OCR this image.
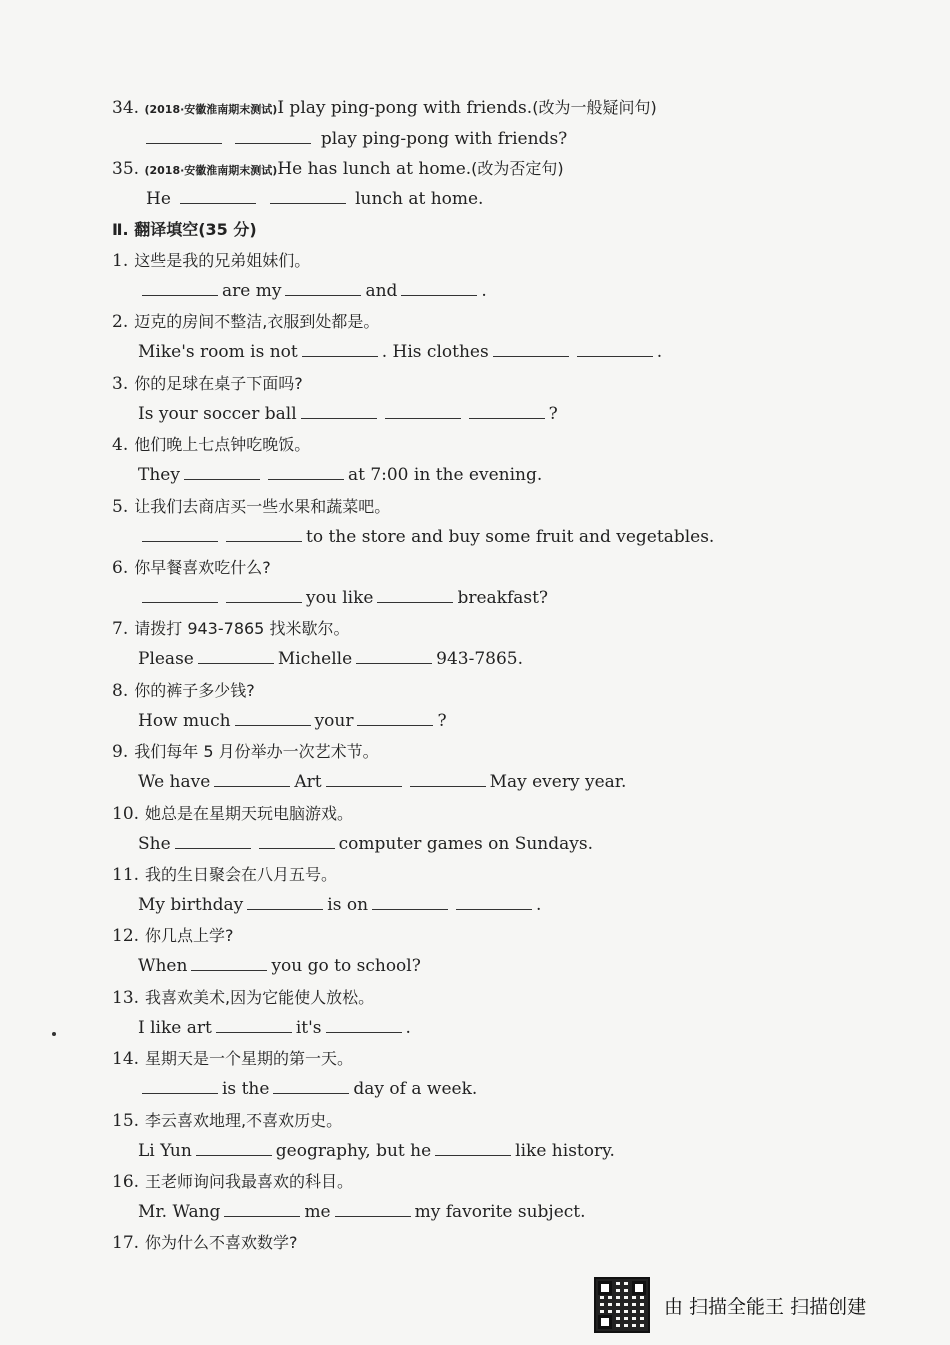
34. (2018·安徽淮南期末测试)I play ping-pong with friends.(改为一般疑问句)
play ping-pong with friends?
35. (2018·安徽淮南期末测试)He has lunch at home.(改为否定句)
He	lunch at home.
Ⅱ. 翻译填空(35 分)
1. 这些是我的兄弟姐妹们。
are my	and	.
2. 迈克的房间不整洁,衣服到处都是。
Mike's room is not	. His clothes	.
3. 你的足球在桌子下面吗?
Is your soccer ball	?
4. 他们晚上七点钟吃晚饭。
They	at 7:00 in the evening.
5. 让我们去商店买一些水果和蔬菜吧。
to the store and buy some fruit and vegetables.
6. 你早餐喜欢吃什么?
you like	breakfast?
7. 请拨打 943-7865 找米歇尔。
Please	Michelle	943-7865.
8. 你的裤子多少钱?
How much	your	?
9. 我们每年 5 月份举办一次艺术节。
We have	Art	May every year.
10. 她总是在星期天玩电脑游戏。
She	computer games on Sundays.
11. 我的生日聚会在八月五号。
My birthday	is on	.
12. 你几点上学?
When	you go to school?
13. 我喜欢美术,因为它能使人放松。
I like art	it's	.
14. 星期天是一个星期的第一天。
is the	day of a week.
15. 李云喜欢地理,不喜欢历史。
Li Yun	geography, but he	like history.
16. 王老师询问我最喜欢的科目。
Mr. Wang	me	my favorite subject.
17. 你为什么不喜欢数学?
由 扫描全能王 扫描创建
